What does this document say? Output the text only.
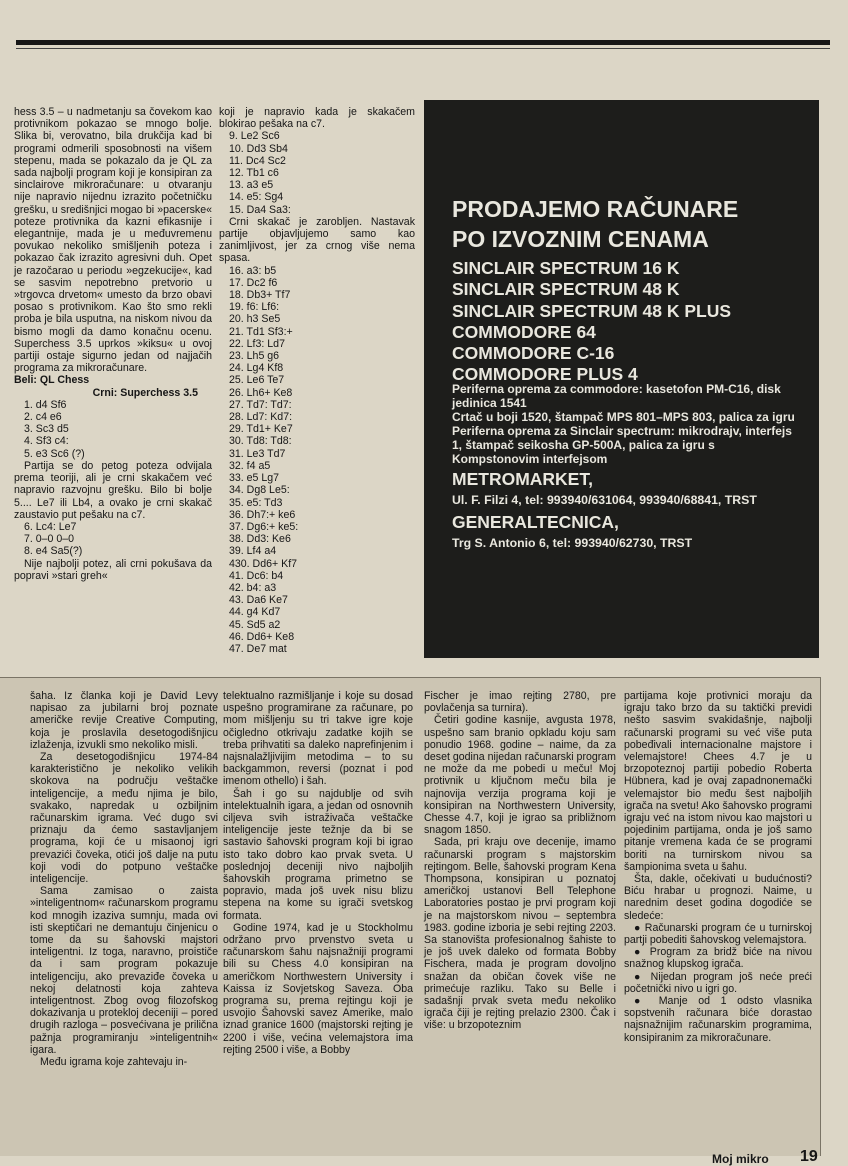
hess 3.5 – u nadmetanju sa čovekom kao protivnikom pokazao se mnogo bolje. Slika bi, verovatno, bila drukčija kad bi programi odmerili sposobnosti na višem stepenu, mada se pokazalo da je QL za sada najbolji program koji je konsipiran za sinclairove mikroračunare: u otvaranju nije napravio nijednu izrazito početničku grešku, u središnjici mogao bi »pacerske« poteze protivnika da kazni efikasnije i elegantnije, mada je u međuvremenu povukao nekoliko smišljenih poteza i pokazao čak izrazito agresivni duh. Opet je razočarao u periodu »egzekucije«, kad se sasvim nepotrebno pretvorio u »trgovca drvetom« umesto da brzo obavi posao s protivnikom. Kao što smo rekli proba je bila usputna, na niskom nivou da bismo mogli da damo konačnu ocenu. Superchess 3.5 uprkos »kiksu« u ovoj partiji ostaje sigurno jedan od najjačih programa za mikroračunare.

Beli: QL Chess
Crni: Superchess 3.5
1. d4 Sf6
2. c4 e6
3. Sc3 d5
4. Sf3 c4:
5. e3 Sc6 (?)

Partija se do petog poteza odvijala prema teoriji, ali je crni skakačem već napravio razvojnu grešku. Bilo bi bolje 5.... Le7 ili Lb4, a ovako je crni skakač zaustavio put pešaku na c7.

6. Lc4: Le7
7. 0–0 0–0
8. e4 Sa5(?)

Nije najbolji potez, ali crni pokušava da popravi »stari greh«

koji je napravio kada je skakačem blokirao pešaka na c7.

9. Le2 Sc6
10. Dd3 Sb4
11. Dc4 Sc2
12. Tb1 c6
13. a3 e5
14. e5: Sg4
15. Da4 Sa3:

Crni skakač je zarobljen. Nastavak partije objavljujemo samo kao zanimljivost, jer za crnog više nema spasa.

16. a3: b5
17. Dc2 f6
18. Db3+ Tf7
19. f6: Lf6:
20. h3 Se5
21. Td1 Sf3:+
22. Lf3: Ld7
23. Lh5 g6
24. Lg4 Kf8
25. Le6 Te7
26. Lh6+ Ke8
27. Td7: Td7:
28. Ld7: Kd7:
29. Td1+ Ke7
30. Td8: Td8:
31. Le3 Td7
32. f4 a5
33. e5 Lg7
34. Dg8 Le5:
35. e5: Td3
36. Dh7:+ ke6
37. Dg6:+ ke5:
38. Dd3: Ke6
39. Lf4 a4
430. Dd6+ Kf7
41. Dc6: b4
42. b4: a3
43. Da6 Ke7
44. g4 Kd7
45. Sd5 a2
46. Dd6+ Ke8
47. De7 mat
PRODAJEMO RAČUNARE
PO IZVOZNIM CENAMA
SINCLAIR SPECTRUM 16 K
SINCLAIR SPECTRUM 48 K
SINCLAIR SPECTRUM 48 K PLUS
COMMODORE 64
COMMODORE C-16
COMMODORE PLUS 4

Periferna oprema za commodore: kasetofon PM-C16, disk jedinica 1541

Crtač u boji 1520, štampač MPS 801–MPS 803, palica za igru

Periferna oprema za Sinclair spectrum: mikrodrajv, interfejs 1, štampač seikosha GP-500A, palica za igru s Kompstonovim interfejsom

METROMARKET,

Ul. F. Filzi 4, tel: 993940/631064, 993940/68841, TRST

GENERALTECNICA,

Trg S. Antonio 6, tel: 993940/62730, TRST

šaha. Iz članka koji je David Levy napisao za jubilarni broj poznate američke revije Creative Computing, koja je proslavila desetogodišnjicu izlaženja, izvukli smo nekoliko misli.

Za desetogodišnjicu 1974-84 karakteristično je nekoliko velikih skokova na području veštačke inteligencije, a među njima je bilo, svakako, napredak u ozbiljnim računarskim igrama. Već dugo svi priznaju da ćemo sastavljanjem programa, koji će u misaonoj igri prevazići čoveka, otići još dalje na putu koji vodi do potpuno veštačke inteligencije.

Sama zamisao o zaista »inteligentnom« računarskom programu kod mnogih izaziva sumnju, mada ovi isti skeptičari ne demantuju činjenicu o tome da su šahovski majstori inteligentni. Iz toga, naravno, proističe da i sam program pokazuje inteligenciju, ako prevaziđe čoveka u nekoj delatnosti koja zahteva inteligentnost. Zbog ovog filozofskog dokazivanja u protekloj deceniji – pored drugih razloga – posvećivana je prilična pažnja programiranju »inteligentnih« igara.

Među igrama koje zahtevaju in-

telektualno razmišljanje i koje su dosad uspešno programirane za računare, po mom mišljenju su tri takve igre koje očigledno otkrivaju zadatke kojih se treba prihvatiti sa daleko naprefinjenim i najsnalažljivijim metodima – to su backgammon, reversi (poznat i pod imenom othello) i šah.

Šah i go su najdublje od svih intelektualnih igara, a jedan od osnovnih ciljeva svih istraživača veštačke inteligencije jeste težnje da bi se sastavio šahovski program koji bi igrao isto tako dobro kao prvak sveta. U poslednjoj deceniji nivo najboljih šahovskih programa primetno se popravio, mada još uvek nisu blizu stepena na kome su igrači svetskog formata.

Godine 1974, kad je u Stockholmu održano prvo prvenstvo sveta u računarskom šahu najsnažniji programi bili su Chess 4.0 konsipiran na američkom Northwestern University i Kaissa iz Sovjetskog Saveza. Oba programa su, prema rejtingu koji je usvojio Šahovski savez Amerike, malo iznad granice 1600 (majstorski rejting je 2200 i više, većina velemajstora ima rejting 2500 i više, a Bobby

Fischer je imao rejting 2780, pre povlačenja sa turnira).

Četiri godine kasnije, avgusta 1978, uspešno sam branio opkladu koju sam ponudio 1968. godine – naime, da za deset godina nijedan računarski program ne može da me pobedi u meču! Moj protivnik u ključnom meču bila je najnovija verzija programa koji je konsipiran na Northwestern University, Chesse 4.7, koji je igrao sa približnom snagom 1850.

Sada, pri kraju ove decenije, imamo računarski program s majstorskim rejtingom. Belle, šahovski program Kena Thompsona, konsipiran u poznatoj američkoj ustanovi Bell Telephone Laboratories postao je prvi program koji je na majstorskom nivou – septembra 1983. godine izboria je sebi rejting 2203. Sa stanovišta profesionalnog šahiste to je još uvek daleko od formata Bobby Fischera, mada je program dovoljno snažan da običan čovek više ne primećuje razliku. Tako su Belle i sadašnji prvak sveta među nekoliko igrača čiji je rejting prelazio 2300. Čak i više: u brzopoteznim

partijama koje protivnici moraju da igraju tako brzo da su taktički previdi nešto sasvim svakidašnje, najbolji računarski programi su već više puta pobeđivali internacionalne majstore i velemajstore! Chees 4.7 je u brzopoteznoj partiji pobedio Roberta Hübnera, kad je ovaj zapadnonemački velemajstor bio među šest najboljih igrača na svetu! Ako šahovsko programi igraju već na istom nivou kao majstori u pojedinim partijama, onda je još samo pitanje vremena kada će se programi boriti na turnirskom nivou sa šampionima sveta u šahu.

Šta, dakle, očekivati u budućnosti? Biću hrabar u prognozi. Naime, u narednim deset godina dogodiće se sledeće:

● Računarski program će u turnirskoj partji pobediti šahovskog velemajstora.

● Program za bridž biće na nivou snažnog klupskog igrača.

● Nijedan program još neće preći početnički nivo u igri go.

● Manje od 1 odsto vlasnika sopstvenih računara biće dorastao najsnažnijim računarskim programima, konsipiranim za mikroračunare.

Moj mikro 19
